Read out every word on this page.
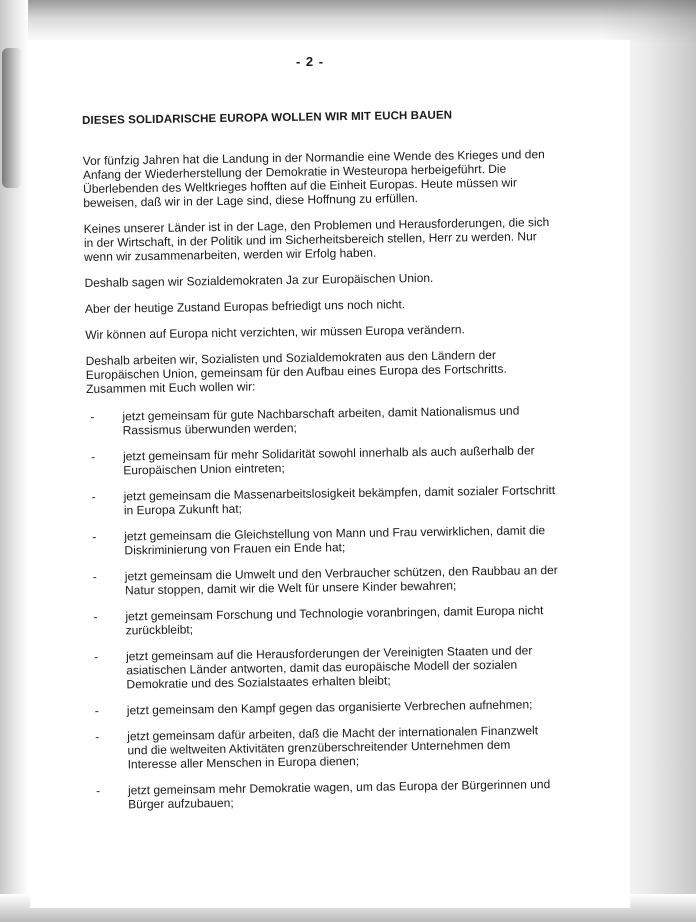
- 2 -

DIESES SOLIDARISCHE EUROPA WOLLEN WIR MIT EUCH BAUEN

Vor fünfzig Jahren hat die Landung in der Normandie eine Wende des Krieges und den Anfang der Wiederherstellung der Demokratie in Westeuropa herbeigeführt. Die Überlebenden des Weltkrieges hofften auf die Einheit Europas. Heute müssen wir beweisen, daß wir in der Lage sind, diese Hoffnung zu erfüllen.

Keines unserer Länder ist in der Lage, den Problemen und Herausforderungen, die sich in der Wirtschaft, in der Politik und im Sicherheitsbereich stellen, Herr zu werden. Nur wenn wir zusammenarbeiten, werden wir Erfolg haben.

Deshalb sagen wir Sozialdemokraten Ja zur Europäischen Union.

Aber der heutige Zustand Europas befriedigt uns noch nicht.

Wir können auf Europa nicht verzichten, wir müssen Europa verändern.

Deshalb arbeiten wir, Sozialisten und Sozialdemokraten aus den Ländern der Europäischen Union, gemeinsam für den Aufbau eines Europa des Fortschritts. Zusammen mit Euch wollen wir:

- jetzt gemeinsam für gute Nachbarschaft arbeiten, damit Nationalismus und Rassismus überwunden werden;
- jetzt gemeinsam für mehr Solidarität sowohl innerhalb als auch außerhalb der Europäischen Union eintreten;
- jetzt gemeinsam die Massenarbeitslosigkeit bekämpfen, damit sozialer Fortschritt in Europa Zukunft hat;
- jetzt gemeinsam die Gleichstellung von Mann und Frau verwirklichen, damit die Diskriminierung von Frauen ein Ende hat;
- jetzt gemeinsam die Umwelt und den Verbraucher schützen, den Raubbau an der Natur stoppen, damit wir die Welt für unsere Kinder bewahren;
- jetzt gemeinsam Forschung und Technologie voranbringen, damit Europa nicht zurückbleibt;
- jetzt gemeinsam auf die Herausforderungen der Vereinigten Staaten und der asiatischen Länder antworten, damit das europäische Modell der sozialen Demokratie und des Sozialstaates erhalten bleibt;
- jetzt gemeinsam den Kampf gegen das organisierte Verbrechen aufnehmen;
- jetzt gemeinsam dafür arbeiten, daß die Macht der internationalen Finanzwelt und die weltweiten Aktivitäten grenzüberschreitender Unternehmen dem Interesse aller Menschen in Europa dienen;
- jetzt gemeinsam mehr Demokratie wagen, um das Europa der Bürgerinnen und Bürger aufzubauen;
